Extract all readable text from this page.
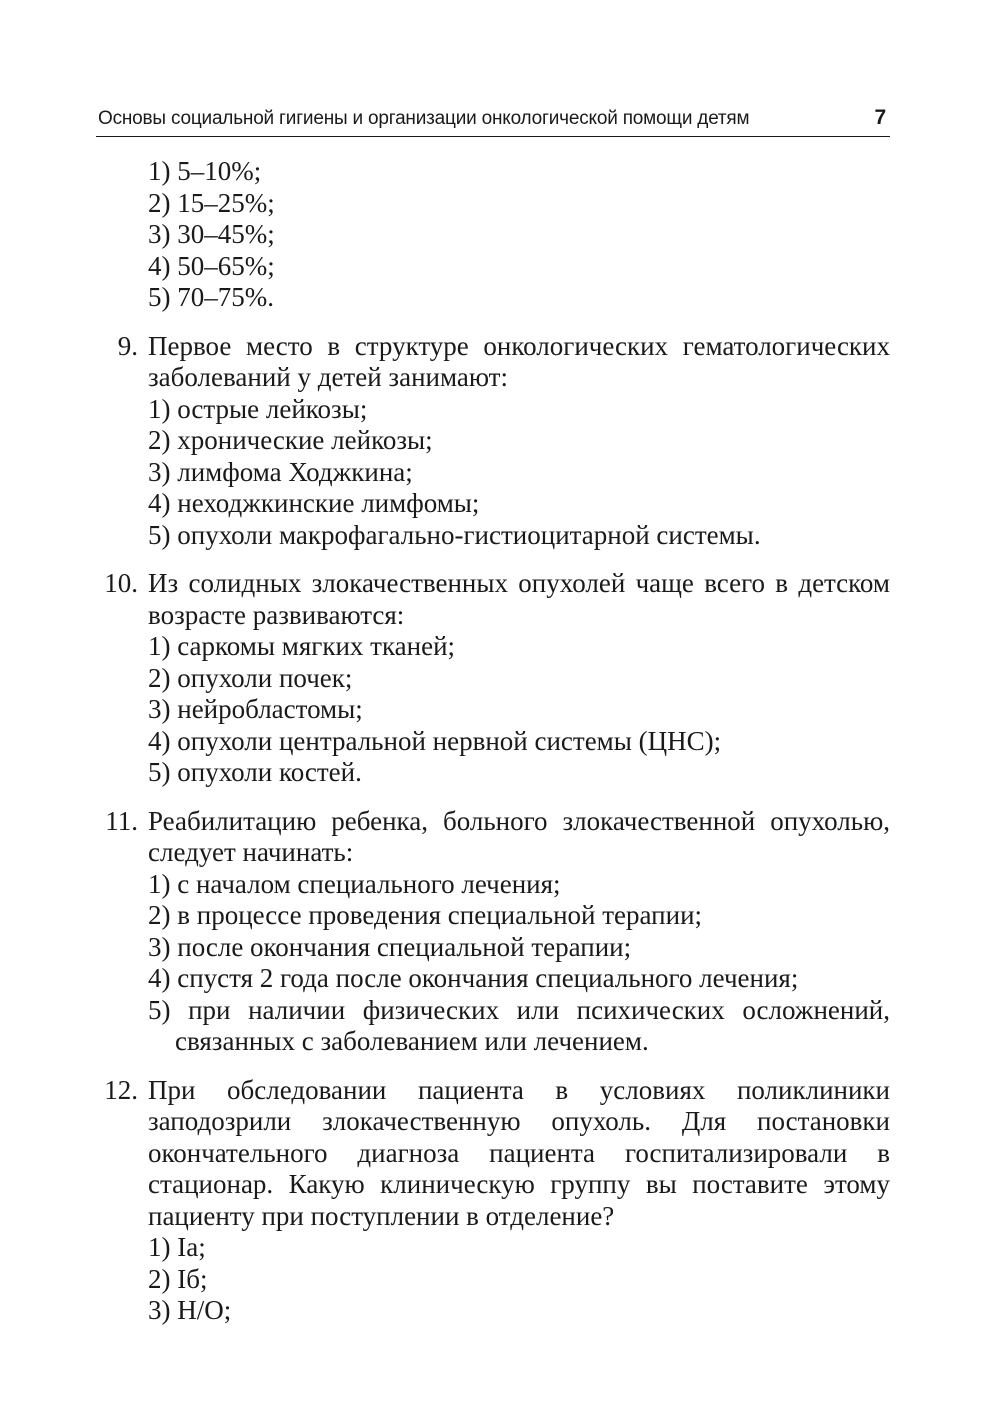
Основы социальной гигиены и организации онкологической помощи детям	7
1) 5–10%;
2) 15–25%;
3) 30–45%;
4) 50–65%;
5) 70–75%.
9. Первое место в структуре онкологических гематологических заболеваний у детей занимают:
1) острые лейкозы;
2) хронические лейкозы;
3) лимфома Ходжкина;
4) неходжкинские лимфомы;
5) опухоли макрофагально-гистиоцитарной системы.
10. Из солидных злокачественных опухолей чаще всего в детском возрасте развиваются:
1) саркомы мягких тканей;
2) опухоли почек;
3) нейробластомы;
4) опухоли центральной нервной системы (ЦНС);
5) опухоли костей.
11. Реабилитацию ребенка, больного злокачественной опухолью, следует начинать:
1) с началом специального лечения;
2) в процессе проведения специальной терапии;
3) после окончания специальной терапии;
4) спустя 2 года после окончания специального лечения;
5) при наличии физических или психических осложнений, связанных с заболеванием или лечением.
12. При обследовании пациента в условиях поликлиники заподозрили злокачественную опухоль. Для постановки окончательного диагноза пациента госпитализировали в стационар. Какую клиническую группу вы поставите этому пациенту при поступлении в отделение?
1) Iа;
2) Iб;
3) Н/О;
